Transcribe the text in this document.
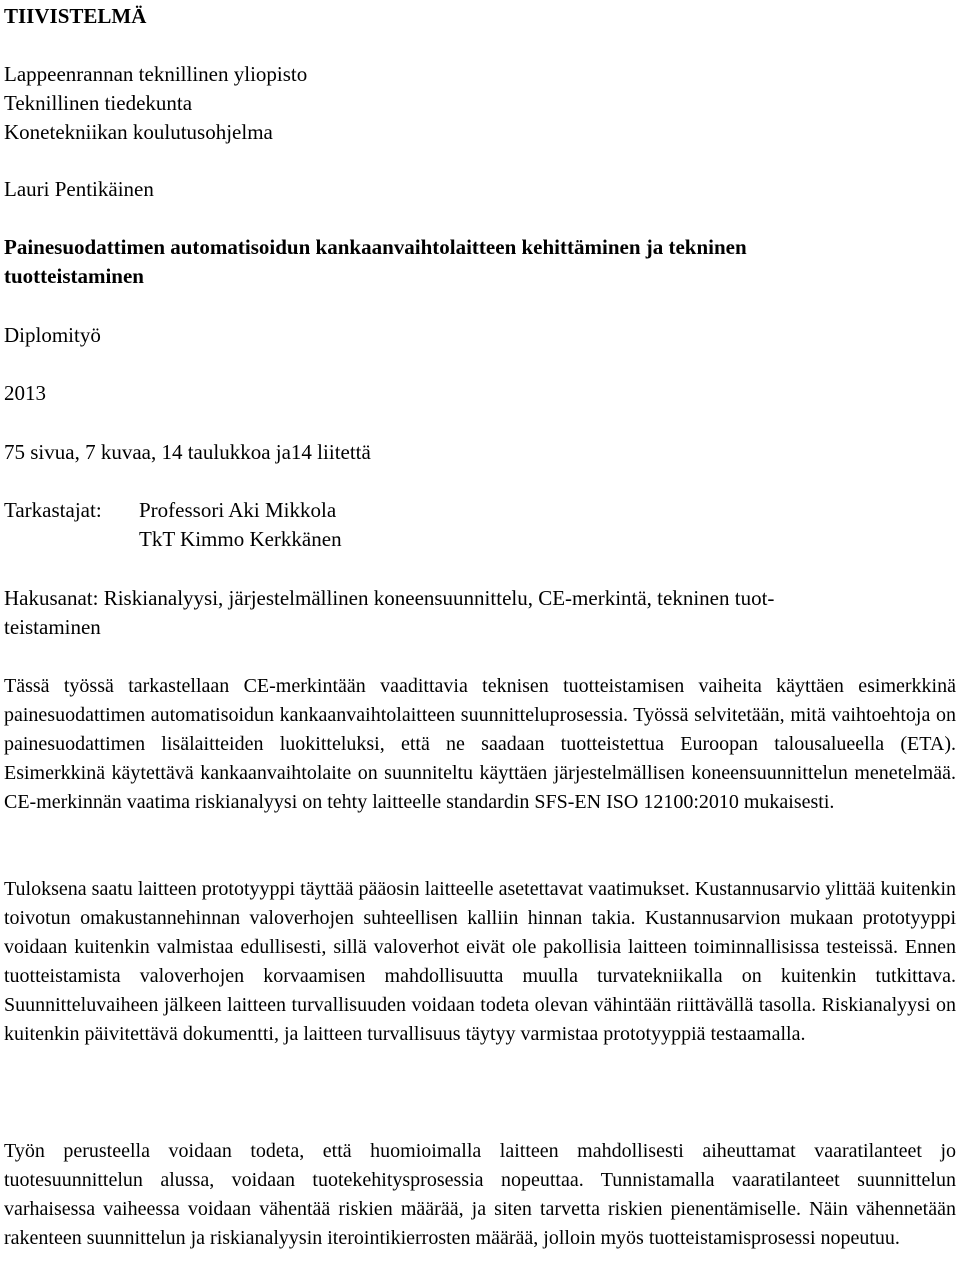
TIIVISTELMÄ
Lappeenrannan teknillinen yliopisto
Teknillinen tiedekunta
Konetekniikan koulutusohjelma
Lauri Pentikäinen
Painesuodattimen automatisoidun kankaanvaihtolaitteen kehittäminen ja tekninen
tuotteistaminen
Diplomityö
2013
75 sivua, 7 kuvaa, 14 taulukkoa ja14 liitettä
Tarkastajat: Professori Aki Mikkola
TkT Kimmo Kerkkänen
Hakusanat: Riskianalyysi, järjestelmällinen koneensuunnittelu, CE-merkintä, tekninen tuot-
teistaminen
Tässä työssä tarkastellaan CE-merkintään vaadittavia teknisen tuotteistamisen vaiheita käyttäen esimerkkinä painesuodattimen automatisoidun kankaanvaihtolaitteen suunnitteluprosessia. Työssä selvitetään, mitä vaihtoehtoja on painesuodattimen lisälaitteiden luokitteluksi, että ne saadaan tuotteistettua Euroopan talousalueella (ETA). Esimerkkinä käytettävä kankaanvaihtolaite on suunniteltu käyttäen järjestelmällisen koneensuunnittelun menetelmää. CE-merkinnän vaatima riskianalyysi on tehty laitteelle standardin SFS-EN ISO 12100:2010 mukaisesti.
Tuloksena saatu laitteen prototyyppi täyttää pääosin laitteelle asetettavat vaatimukset. Kustannusarvio ylittää kuitenkin toivotun omakustannehinnan valoverhojen suhteellisen kalliin hinnan takia. Kustannusarvion mukaan prototyyppi voidaan kuitenkin valmistaa edullisesti, sillä valoverhot eivät ole pakollisia laitteen toiminnallisissa testeissä. Ennen tuotteistamista valoverhojen korvaamisen mahdollisuutta muulla turvatekniikalla on kuitenkin tutkittava. Suunnitteluvaiheen jälkeen laitteen turvallisuuden voidaan todeta olevan vähintään riittävällä tasolla. Riskianalyysi on kuitenkin päivitettävä dokumentti, ja laitteen turvallisuus täytyy varmistaa prototyyppiä testaamalla.
Työn perusteella voidaan todeta, että huomioimalla laitteen mahdollisesti aiheuttamat vaaratilanteet jo tuotesuunnittelun alussa, voidaan tuotekehitysprosessia nopeuttaa. Tunnistamalla vaaratilanteet suunnittelun varhaisessa vaiheessa voidaan vähentää riskien määrää, ja siten tarvetta riskien pienentämiselle. Näin vähennetään rakenteen suunnittelun ja riskianalyysin iterointikierrosten määrää, jolloin myös tuotteistamisprosessi nopeutuu.
